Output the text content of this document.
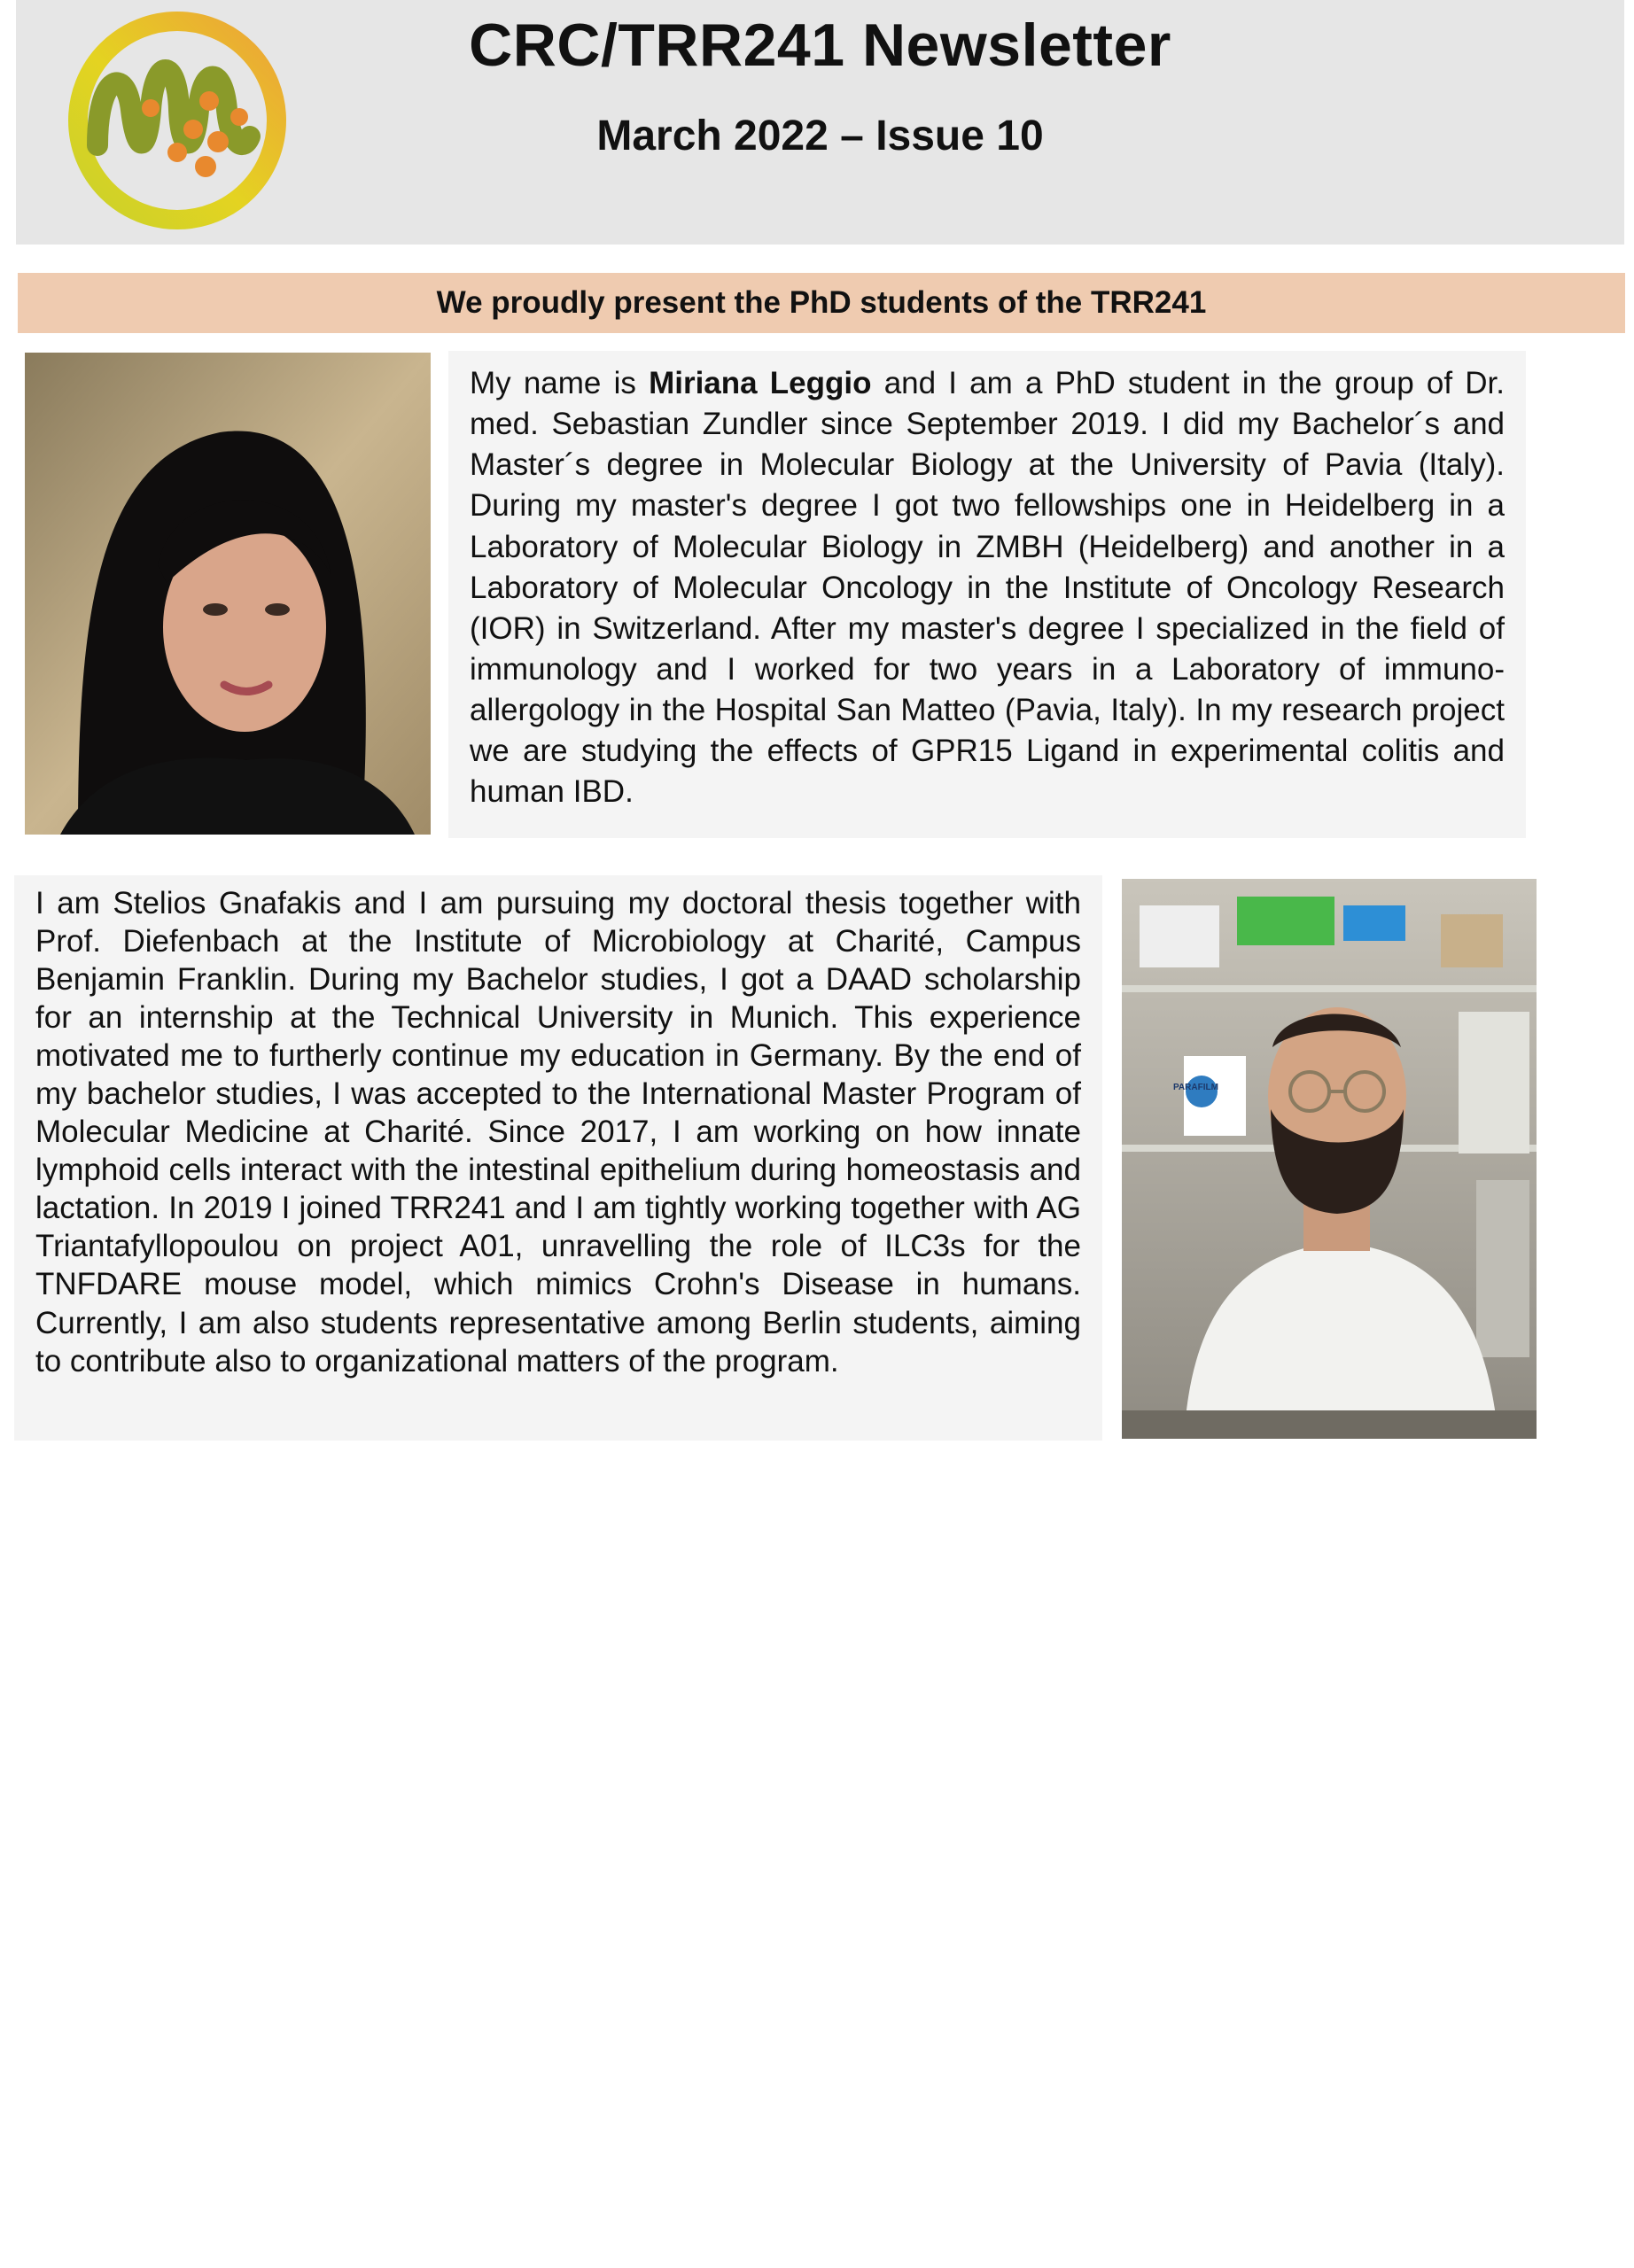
CRC/TRR241 Newsletter
March 2022 – Issue 10
We proudly present the PhD students of the TRR241
My name is Miriana Leggio and I am a PhD student in the group of Dr. med. Sebastian Zundler since September 2019. I did my Bachelor´s and Master´s degree in Molecular Biology at the University of Pavia (Italy). During my master's degree I got two fellowships one in Heidelberg in a Laboratory of Molecular Biology in ZMBH (Heidelberg) and another in a Laboratory of Molecular Oncology in the Institute of Oncology Research (IOR) in Switzerland. After my master's degree I specialized in the field of immunology and I worked for two years in a Laboratory of immuno-allergology in the Hospital San Matteo (Pavia, Italy). In my research project we are studying the effects of GPR15 Ligand in experimental colitis and human IBD.
I am Stelios Gnafakis and I am pursuing my doctoral thesis together with Prof. Diefenbach at the Institute of Microbiology at Charité, Campus Benjamin Franklin. During my Bachelor studies, I got a DAAD scholarship for an internship at the Technical University in Munich. This experience motivated me to furtherly continue my education in Germany. By the end of my bachelor studies, I was accepted to the International Master Program of Molecular Medicine at Charité. Since 2017, I am working on how innate lymphoid cells interact with the intestinal epithelium during homeostasis and lactation. In 2019 I joined TRR241 and I am tightly working together with AG Triantafyllopoulou on project A01, unravelling the role of ILC3s for the TNFDARE mouse model, which mimics Crohn's Disease in humans. Currently, I am also students representative among Berlin students, aiming to contribute also to organizational matters of the program.
PARAFILM
